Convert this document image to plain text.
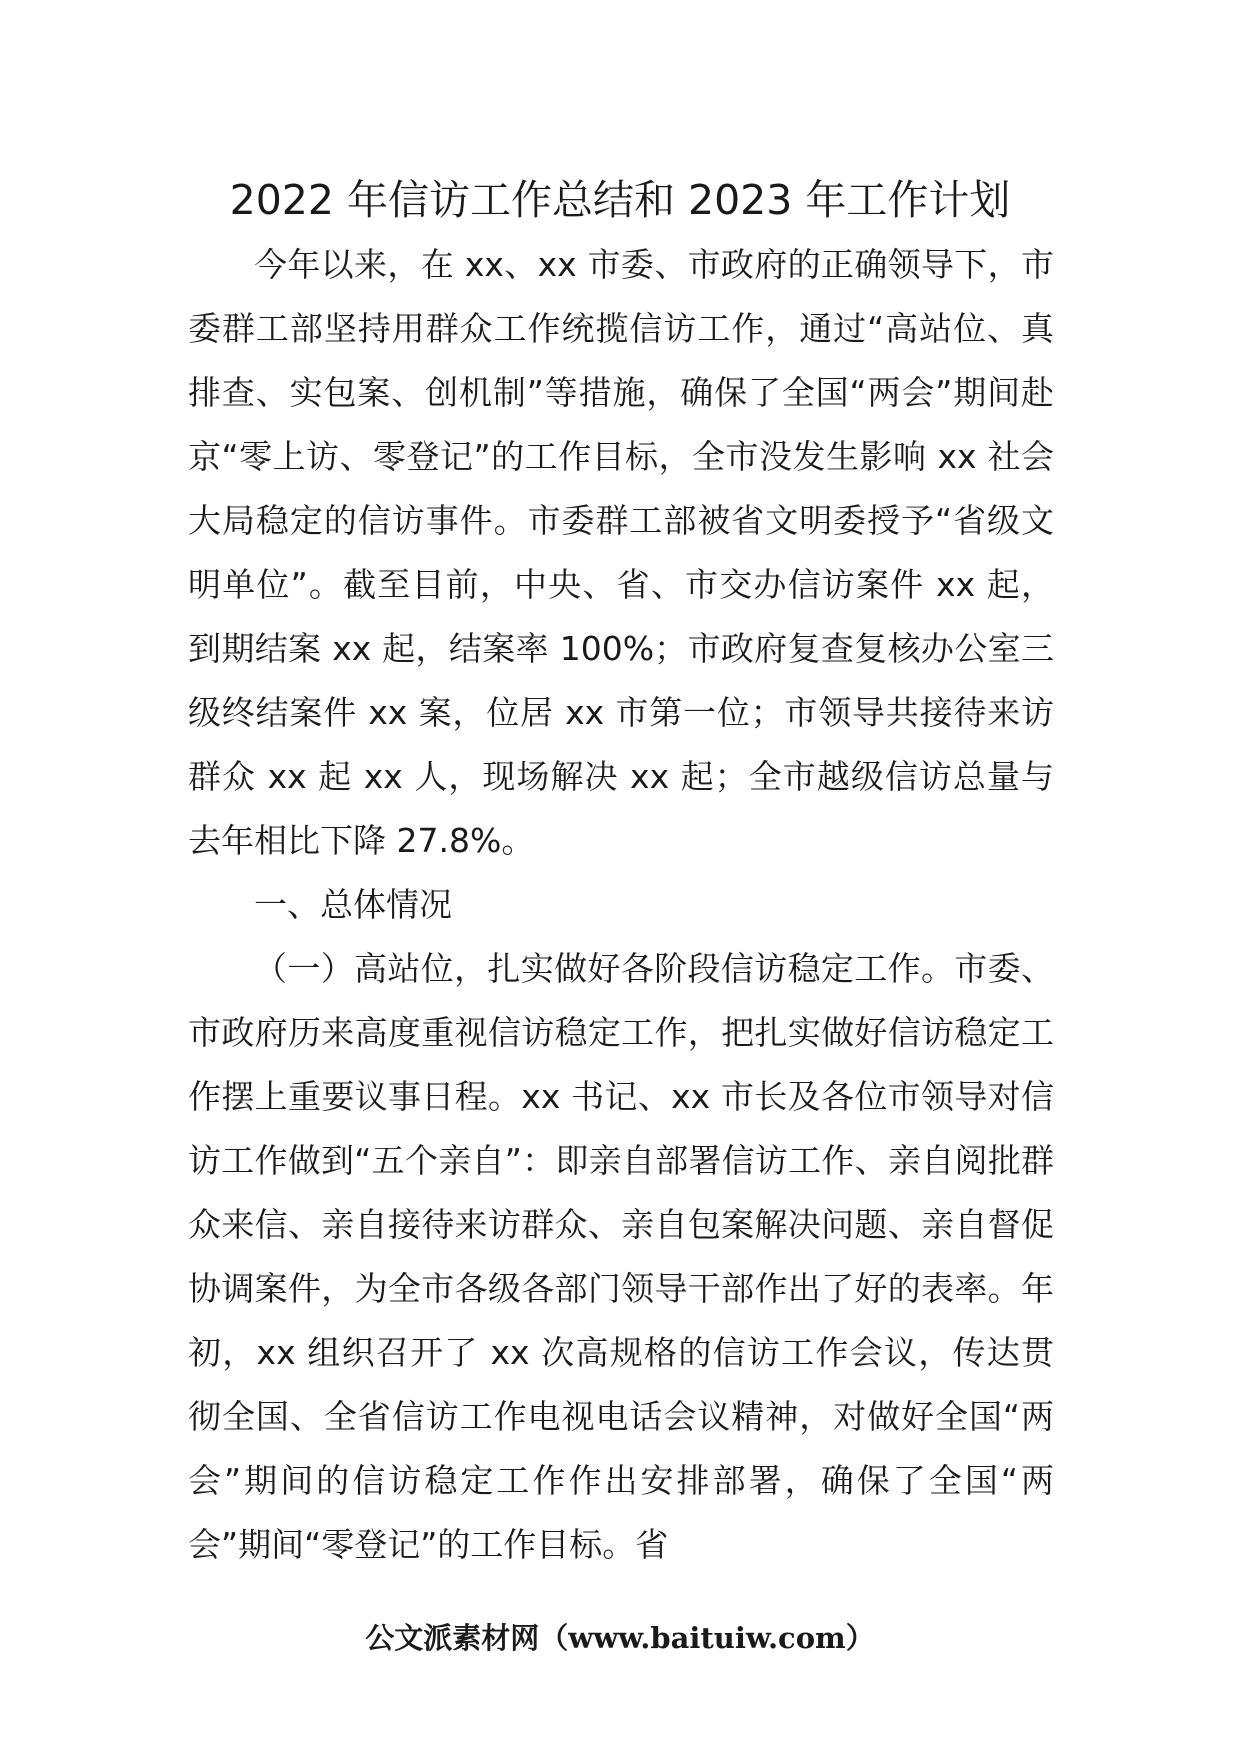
2022 年信访工作总结和 2023 年工作计划

今年以来，在 xx、xx 市委、市政府的正确领导下，市委群工部坚持用群众工作统揽信访工作，通过“高站位、真排查、实包案、创机制”等措施，确保了全国“两会”期间赴京“零上访、零登记”的工作目标，全市没发生影响 xx 社会大局稳定的信访事件。市委群工部被省文明委授予“省级文明单位”。截至目前，中央、省、市交办信访案件 xx 起，到期结案 xx 起，结案率 100%；市政府复查复核办公室三级终结案件 xx 案，位居 xx 市第一位；市领导共接待来访群众 xx 起 xx 人，现场解决 xx 起；全市越级信访总量与去年相比下降 27.8%。

一、总体情况

（一）高站位，扎实做好各阶段信访稳定工作。市委、市政府历来高度重视信访稳定工作，把扎实做好信访稳定工作摆上重要议事日程。xx 书记、xx 市长及各位市领导对信访工作做到“五个亲自”：即亲自部署信访工作、亲自阅批群众来信、亲自接待来访群众、亲自包案解决问题、亲自督促协调案件，为全市各级各部门领导干部作出了好的表率。年初，xx 组织召开了 xx 次高规格的信访工作会议，传达贯彻全国、全省信访工作电视电话会议精神，对做好全国“两会”期间的信访稳定工作作出安排部署，确保了全国“两会”期间“零登记”的工作目标。省

公文派素材网（www.baituiw.com）
